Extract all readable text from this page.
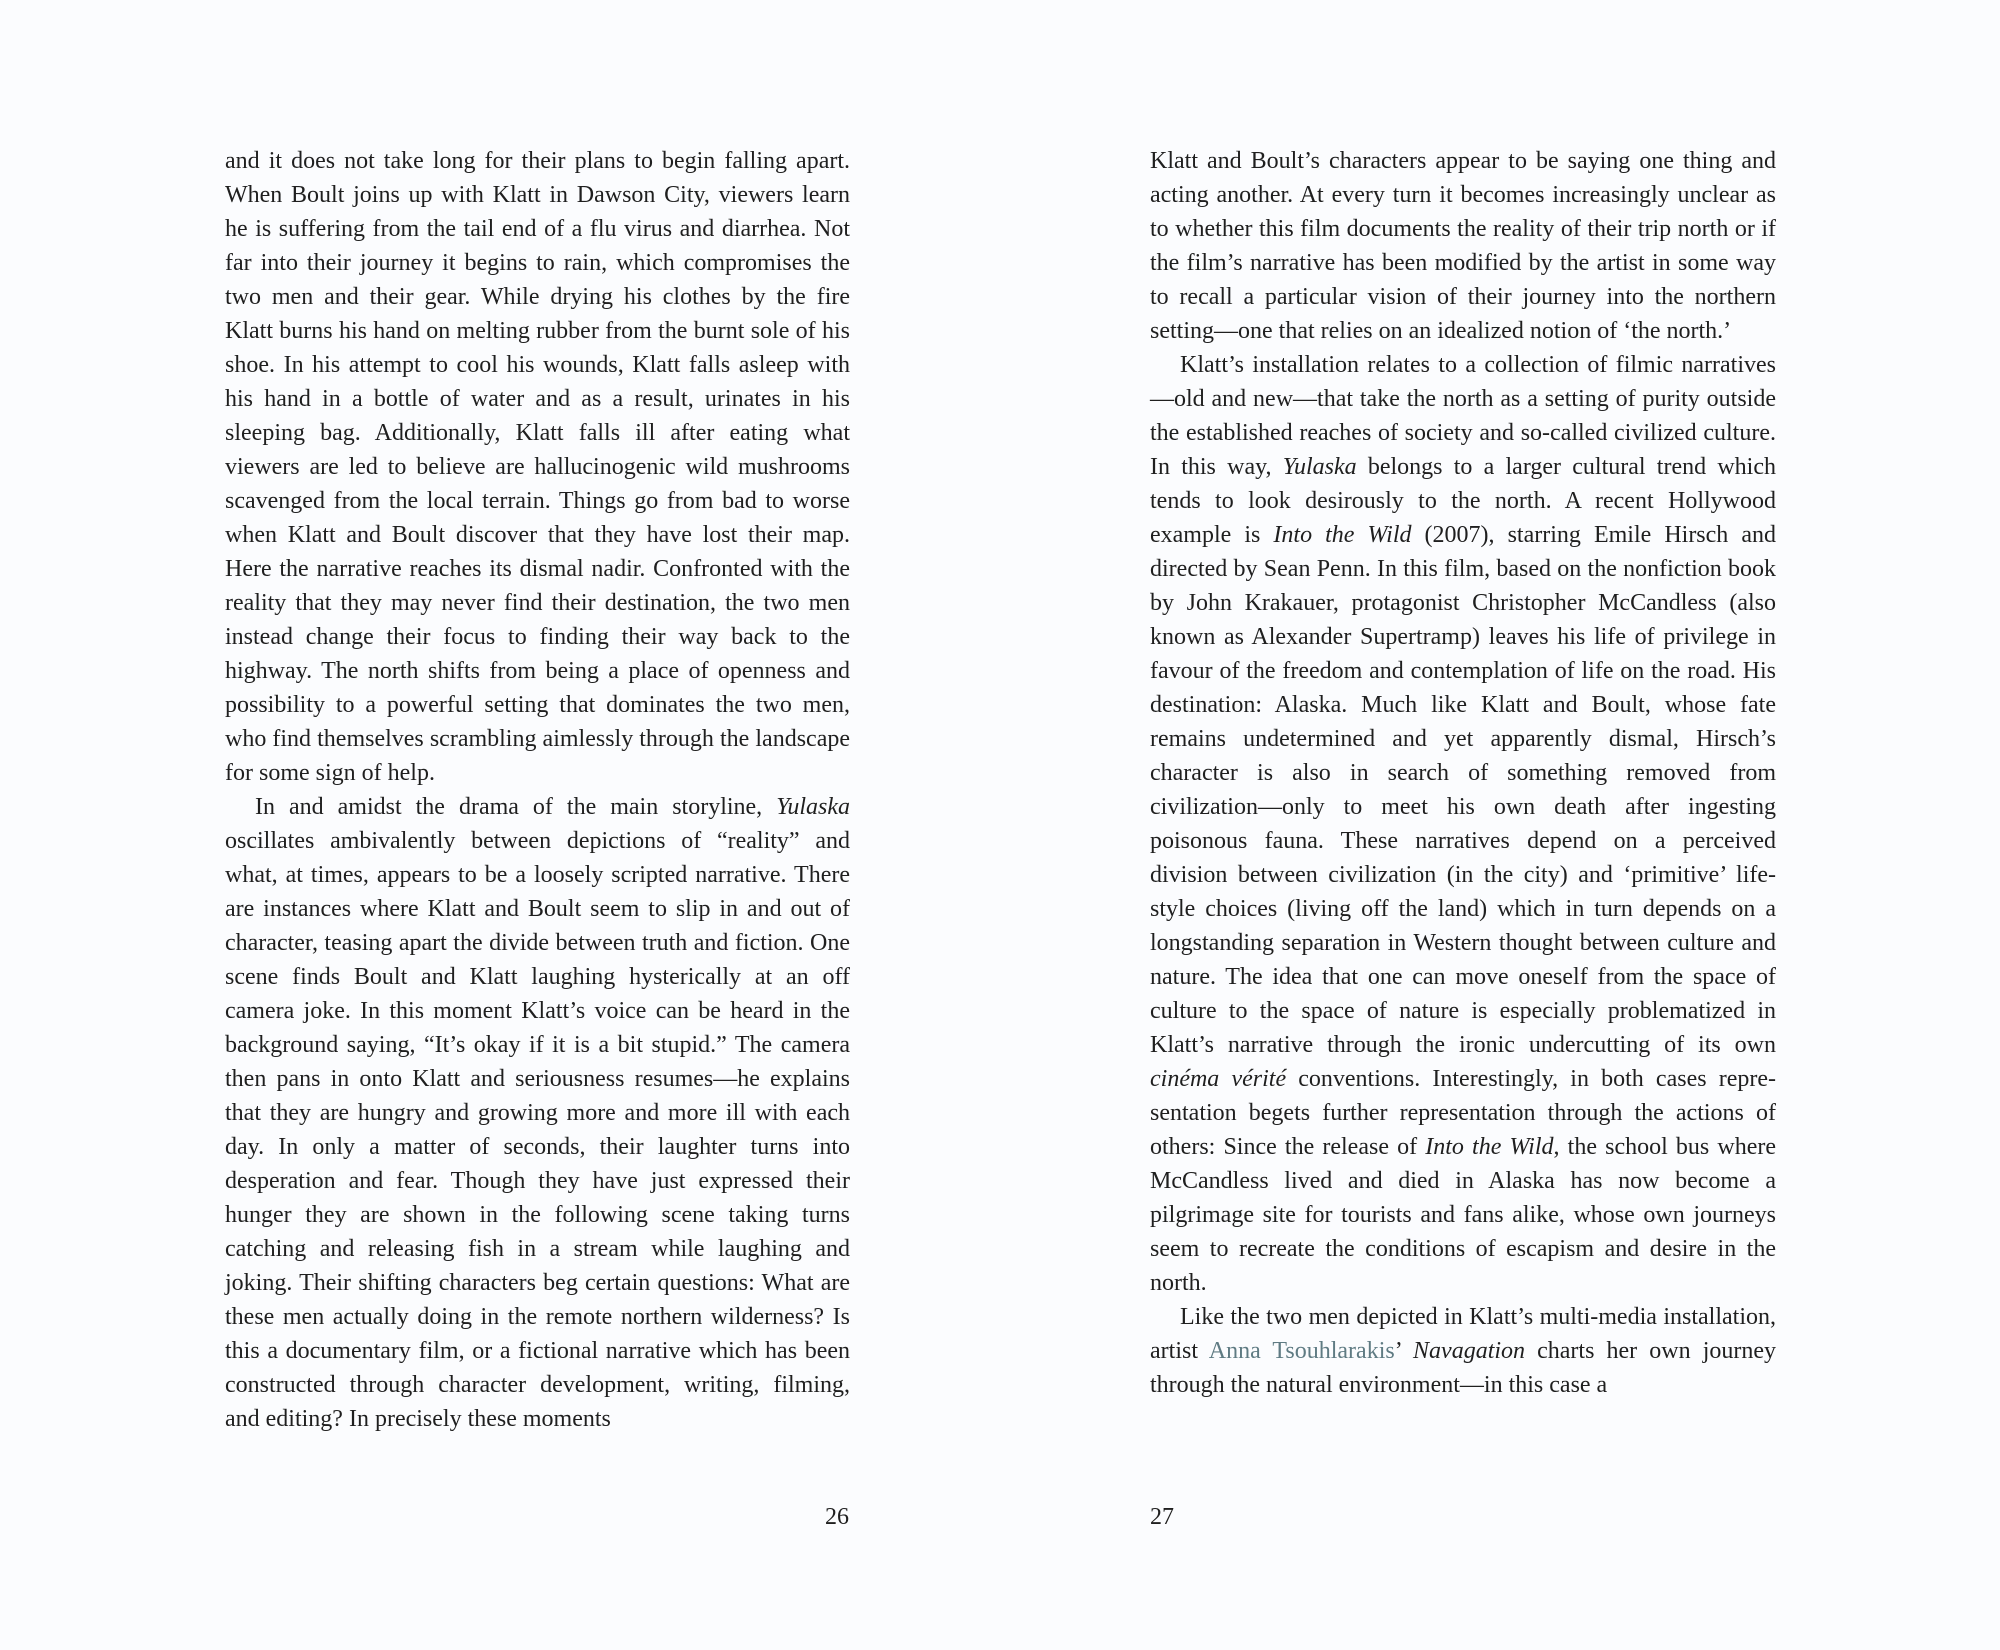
and it does not take long for their plans to begin falling apart. When Boult joins up with Klatt in Dawson City, viewers learn he is suffering from the tail end of a flu virus and diarrhea. Not far into their journey it begins to rain, which compromises the two men and their gear. While drying his clothes by the fire Klatt burns his hand on melting rubber from the burnt sole of his shoe. In his attempt to cool his wounds, Klatt falls asleep with his hand in a bottle of water and as a result, urinates in his sleeping bag. Additionally, Klatt falls ill after eating what viewers are led to believe are hallucinogenic wild mushrooms scavenged from the local terrain. Things go from bad to worse when Klatt and Boult discover that they have lost their map. Here the narrative reaches its dismal nadir. Confronted with the reality that they may never find their destination, the two men instead change their focus to finding their way back to the highway. The north shifts from being a place of openness and possibility to a powerful setting that dominates the two men, who find themselves scrambling aimlessly through the landscape for some sign of help.

In and amidst the drama of the main storyline, Yulaska oscillates ambivalently between depictions of “reality” and what, at times, appears to be a loosely scripted narrative. There are instances where Klatt and Boult seem to slip in and out of character, teasing apart the divide between truth and fiction. One scene finds Boult and Klatt laughing hysterically at an off camera joke. In this moment Klatt’s voice can be heard in the background saying, “It’s okay if it is a bit stupid.” The camera then pans in onto Klatt and seriousness resumes—he explains that they are hungry and growing more and more ill with each day. In only a matter of seconds, their laughter turns into desperation and fear. Though they have just expressed their hunger they are shown in the following scene taking turns catching and releasing fish in a stream while laughing and joking. Their shifting characters beg certain questions: What are these men actually doing in the remote northern wilderness? Is this a documentary film, or a fictional narrative which has been constructed through character development, writing, filming, and editing? In precisely these moments

26

Klatt and Boult’s characters appear to be saying one thing and acting another. At every turn it becomes increasingly unclear as to whether this film documents the reality of their trip north or if the film’s narrative has been modified by the artist in some way to recall a particular vision of their journey into the northern setting—one that relies on an idealized notion of ‘the north.’

Klatt’s installation relates to a collection of filmic narratives—old and new—that take the north as a setting of purity outside the established reaches of society and so-called civilized culture. In this way, Yulaska belongs to a larger cultural trend which tends to look desirously to the north. A recent Hollywood example is Into the Wild (2007), starring Emile Hirsch and directed by Sean Penn. In this film, based on the nonfiction book by John Krakauer, protagonist Christopher McCandless (also known as Alexander Supertramp) leaves his life of privilege in favour of the freedom and contemplation of life on the road. His destination: Alaska. Much like Klatt and Boult, whose fate remains undetermined and yet apparently dismal, Hirsch’s character is also in search of something removed from civilization—only to meet his own death after ingesting poisonous fauna. These narratives depend on a perceived division between civilization (in the city) and ‘primitive’ lifestyle choices (living off the land) which in turn depends on a longstanding separation in Western thought between culture and nature. The idea that one can move oneself from the space of culture to the space of nature is especially problematized in Klatt’s narrative through the ironic undercutting of its own cinéma vérité conventions. Interestingly, in both cases representation begets further representation through the actions of others: Since the release of Into the Wild, the school bus where McCandless lived and died in Alaska has now become a pilgrimage site for tourists and fans alike, whose own journeys seem to recreate the conditions of escapism and desire in the north.

Like the two men depicted in Klatt’s multi-media installation, artist Anna Tsouhlarakis’ Navagation charts her own journey through the natural environment—in this case a

27
